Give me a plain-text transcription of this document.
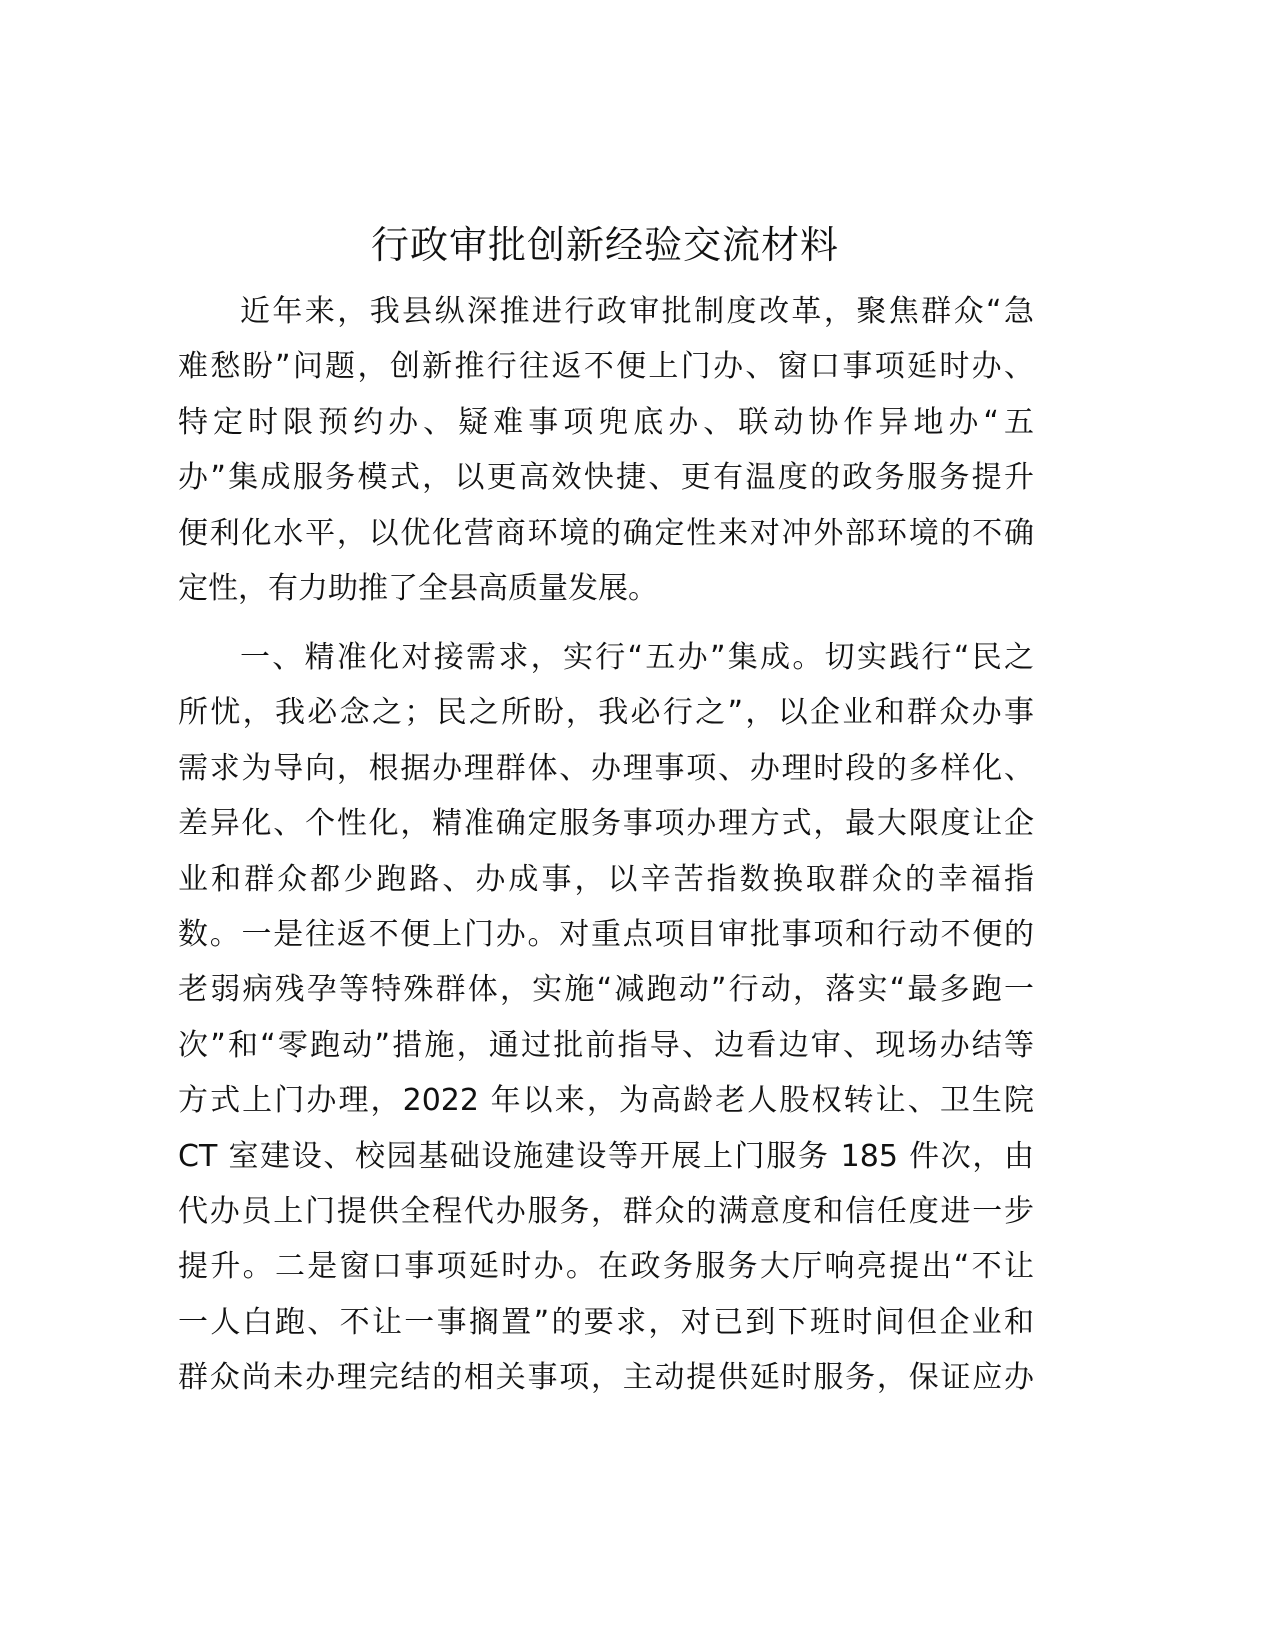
行政审批创新经验交流材料
近年来，我县纵深推进行政审批制度改革，聚焦群众“急
难愁盼”问题，创新推行往返不便上门办、窗口事项延时办、
特定时限预约办、疑难事项兜底办、联动协作异地办“五
办”集成服务模式，以更高效快捷、更有温度的政务服务提升
便利化水平，以优化营商环境的确定性来对冲外部环境的不确
定性，有力助推了全县高质量发展。
一、精准化对接需求，实行“五办”集成。切实践行“民之
所忧，我必念之；民之所盼，我必行之”，以企业和群众办事
需求为导向，根据办理群体、办理事项、办理时段的多样化、
差异化、个性化，精准确定服务事项办理方式，最大限度让企
业和群众都少跑路、办成事，以辛苦指数换取群众的幸福指
数。一是往返不便上门办。对重点项目审批事项和行动不便的
老弱病残孕等特殊群体，实施“减跑动”行动，落实“最多跑一
次”和“零跑动”措施，通过批前指导、边看边审、现场办结等
方式上门办理，2022 年以来，为高龄老人股权转让、卫生院
CT 室建设、校园基础设施建设等开展上门服务 185 件次，由
代办员上门提供全程代办服务，群众的满意度和信任度进一步
提升。二是窗口事项延时办。在政务服务大厅响亮提出“不让
一人白跑、不让一事搁置”的要求，对已到下班时间但企业和
群众尚未办理完结的相关事项，主动提供延时服务，保证应办
